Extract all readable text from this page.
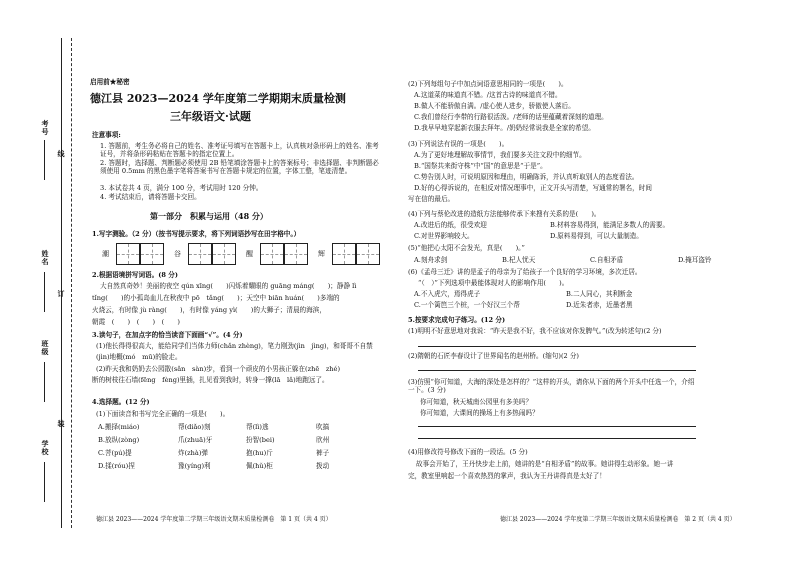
线
订
装
考号
姓名
班级
学校
启用前★秘密
德江县 2023—2024 学年度第二学期期末质量检测
三年级语文·试题
注意事项:
1. 答题前，考生务必将自己的姓名、准考证号填写在答题卡上，认真核对条形码上的姓名、准考证号，并将条形码粘贴在答题卡的指定位置上。
2. 答题时，选择题、判断题必须使用 2B 铅笔填涂答题卡上的答案标号；非选择题、非判断题必须使用 0.5mm 的黑色墨字笔将答案书写在答题卡规定的位置，字体工整，笔迹清楚。
3. 本试卷共 4 页，满分 100 分，考试用时 120 分钟。
4. 考试结束后，请将答题卡交回。
第一部分　积累与运用（48 分）
1.写字测验。（2 分）（按书写提示要求，将下列词语抄写在田字格中。）
潮	谷	醒	辉
2.根据语境拼写词语。(8 分)
大自然真奇妙！美丽的夜空 qún xīng(　　)闪烁着耀眼的 guāng máng(　　)；静静 lì
tǐng(　　)的小孤岛血儿在秋夜中 pō　tǎng(　　)；天空中 biān huán(　　)多端的
火烧云，有时像 jù ràng(　　)，有时像 yáng yì(　　)的大狮子；清晨的海滨，
朝霞　(　　)　(　　)　(　　)
3.读句子，在加点字的恰当读音下面画“√”。(4 分)
(1)他长得得很高大，能给同学们当体力师(chǎn zhèng)，笔力刚劲(jìn　jìng)，和哥哥不自禁
(jìn)地概(mó　mū)的脸走。
(2)昨天我和奶奶去公园散(sǎn　sàn)步，看到一个顽皮的小男孩正躲在(zhē　zhé)
断的树枝往石墙(fēng　fèng)里插，扎见看到我时，转身一撑(lā　lǎ)地跑远了。
4.选择题。(12 分)
(1)下面读音和书写完全正确的一项是(　　)。
A.搬择(miáo)	帮(diǎo)刻	帮(lì)逃	吹搞
B.放纵(zòng)	爪(zhuā)牙	扮智(bei)	欣州
C.菩(pú)提	炸(zhà)弹	抱(hu)斤	裤子
D.揉(róu)捏	豫(yíng)利	佩(hǔ)柜	拨动
德江县 2023——2024 学年度第二学期三年级语文期末质量检测卷　第 1 页（共 4 页）
(2)下列每组句子中加点词语意思相同的一项是(　　)。
A.这道菜的味道真不错。/这首古诗的味道真不错。
B.做人不能骄傲自满。/虚心使人进步，骄傲使人落后。
C.我们曾经行李带的行路很活泼。/老师的话里蕴藏着深刻的道理。
D.我早早地穿起新衣服去拜年。/奶奶经常说我是全家的希望。
(3)下列说法有误的一项是(　　)。
A.为了更好地理解故事情节，我们要多关注文段中的细节。
B.“国祭共来街守株”中“国”的意思是“于是”。
C.势告别人时，可说明原因和理由，明确陈诉，并认真听取别人的态度看法。
D.好的心得诉说的，在相反对情况理事中，正文开头写清楚，写通常的署名，时间
写在信的最后。
(4)下列与蔡伦改进的造纸方法能够传承下来搜有关系的是(　　)。
A.改进后的纸，很受欢迎	B.材料容易得到，能满足多数人的需要。
C.对世界影响较大。	D.原料易得到，可以大量制造。
(5)“他把心太阳不会发光，真是(　　)。”
A.刻舟求剑	B.杞人忧天	C.自相矛盾	D.掩耳盗铃
(6)《孟母三迁》讲的是孟子的母亲为了给孩子一个良好的学习环境，多次迁居。
“（　）”下列选项中最能体现对人的影响作用(　　)。
A.不入虎穴，焉得虎子	B.二人同心，其利断金
C.一个篱笆三个桩，一个好汉三个帮	D.近朱者赤，近墨者黑
5.按要求完成句子练习。(12 分)
(1)明明不好意思地对我说：“昨天是我不好，我不应该对你发脾气。”(改为转述句)(2 分)
(2)隋朝的石匠李春设计了世界闻名的赵州桥。(缩句)(2 分)
(3)仿照“你可知道，大海的深处是怎样的？”这样的开头，请你从下面的两个开头中任选一个，介绍一下。(3 分)
你可知道，秋天城南公园里有多美吗？
你可知道，大课间的操场上有多热闹吗？
(4)用修改符号修改下面的一段话。(5 分)
故事会开始了，王丹快步走上前，她讲的是“自相矛盾”的故事。她讲得生动形象。她一讲
完，教室里响起一个喜欢热烈的掌声，我认为王丹讲得真是太好了！
德江县 2023——2024 学年度第二学期三年级语文期末质量检测卷　第 2 页（共 4 页）
